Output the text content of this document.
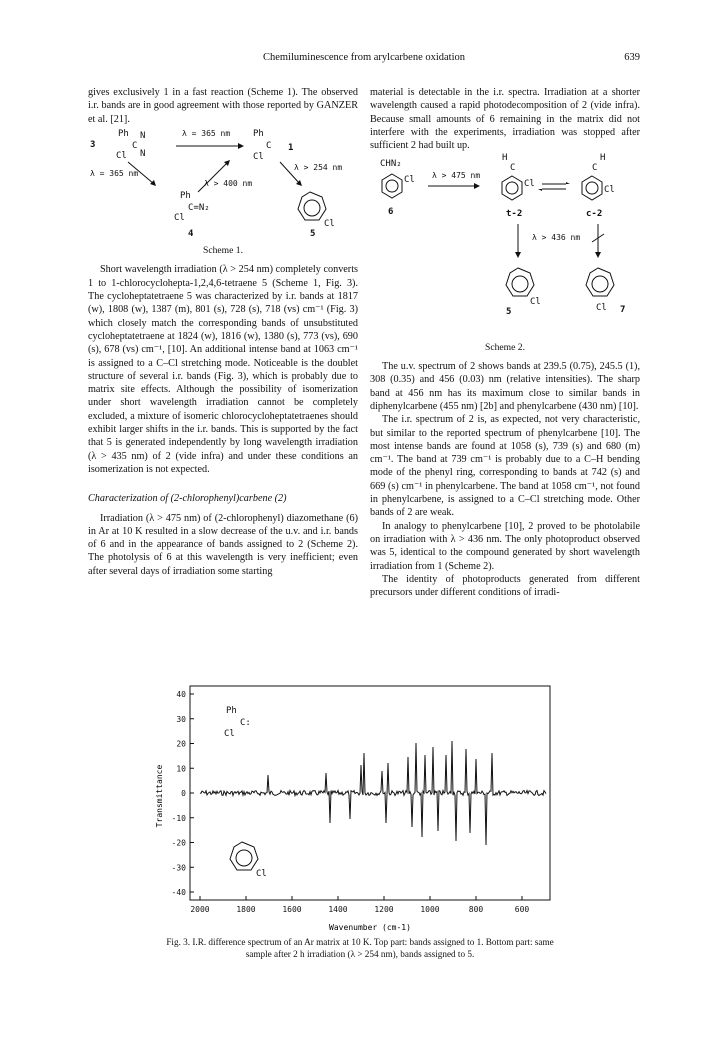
Chemiluminescence from arylcarbene oxidation	639

gives exclusively 1 in a fast reaction (Scheme 1). The observed i.r. bands are in good agreement with those reported by GANZER et al. [21].

3
Ph N
C
Cl N
λ = 365 nm	Ph
C
Cl
1
λ = 365 nm
λ > 400 nm
λ > 254 nm
Ph
C=N₂
Cl
4
Cl
5
Scheme 1.

Short wavelength irradiation (λ > 254 nm) completely converts 1 to 1-chlorocyclohepta-1,2,4,6-tetraene 5 (Scheme 1, Fig. 3). The cycloheptatetraene 5 was characterized by i.r. bands at 1817 (w), 1808 (w), 1387 (m), 801 (s), 728 (s), 718 (vs) cm⁻¹ (Fig. 3) which closely match the corresponding bands of unsubstituted cycloheptatetraene at 1824 (w), 1816 (w), 1380 (s), 773 (vs), 690 (s), 678 (vs) cm⁻¹, [10]. An additional intense band at 1063 cm⁻¹ is assigned to a C–Cl stretching mode. Noticeable is the doublet structure of several i.r. bands (Fig. 3), which is probably due to matrix site effects. Although the possibility of isomerization under short wavelength irradiation cannot be completely excluded, a mixture of isomeric chlorocycloheptatetraenes should exhibit larger shifts in the i.r. bands. This is supported by the fact that 5 is generated independently by long wavelength irradiation (λ > 435 nm) of 2 (vide infra) and under these conditions an isomerization is not expected.

Characterization of (2-chlorophenyl)carbene (2)

Irradiation (λ > 475 nm) of (2-chlorophenyl) diazomethane (6) in Ar at 10 K resulted in a slow decrease of the u.v. and i.r. bands of 6 and in the appearance of bands assigned to 2 (Scheme 2). The photolysis of 6 at this wavelength is very inefficient; even after several days of irradiation some starting

material is detectable in the i.r. spectra. Irradiation at a shorter wavelength caused a rapid photodecomposition of 2 (vide infra). Because small amounts of 6 remaining in the matrix did not interfere with the experiments, irradiation was stopped after sufficient 2 had built up.

CHN₂
Cl
6
λ > 475 nm
H
C
Cl
t-2
H
C
Cl
c-2
λ > 436 nm
Cl
5	Cl 7
Scheme 2.

The u.v. spectrum of 2 shows bands at 239.5 (0.75), 245.5 (1), 308 (0.35) and 456 (0.03) nm (relative intensities). The sharp band at 456 nm has its maximum close to similar bands in diphenylcarbene (455 nm) [2b] and phenylcarbene (430 nm) [10].

The i.r. spectrum of 2 is, as expected, not very characteristic, but similar to the reported spectrum of phenylcarbene [10]. The most intense bands are found at 1058 (s), 739 (s) and 680 (m) cm⁻¹. The band at 739 cm⁻¹ is probably due to a C–H bending mode of the phenyl ring, corresponding to bands at 742 (s) and 669 (s) cm⁻¹ in phenylcarbene. The band at 1058 cm⁻¹, not found in phenylcarbene, is assigned to a C–Cl stretching mode. Other bands of 2 are weak.

In analogy to phenylcarbene [10], 2 proved to be photolabile on irradiation with λ > 436 nm. The only photoproduct observed was 5, identical to the compound generated by short wavelength irradiation from 1 (Scheme 2).

The identity of photoproducts generated from different precursors under different conditions of irradi-

40
30
20
10
0
-10
-20
-30
-40
2000	1800	1600	1400	1200	1000	800	600
Transmittance
Wavenumber (cm-1)
Ph
C:
Cl
Cl
Fig. 3. I.R. difference spectrum of an Ar matrix at 10 K. Top part: bands assigned to 1. Bottom part: same sample after 2 h irradiation (λ > 254 nm), bands assigned to 5.
